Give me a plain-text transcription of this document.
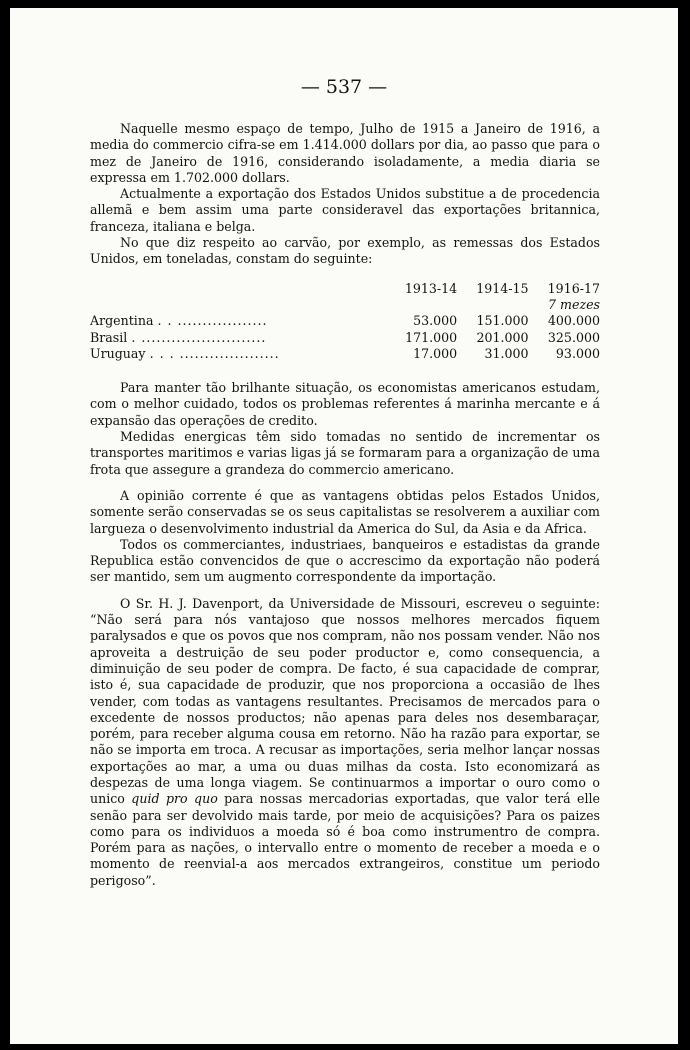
— 537 —

Naquelle mesmo espaço de tempo, Julho de 1915 a Janeiro de 1916, a media do commercio cifra-se em 1.414.000 dollars por dia, ao passo que para o mez de Janeiro de 1916, considerando isoladamente, a media diaria se expressa em 1.702.000 dollars.

Actualmente a exportação dos Estados Unidos substitue a de procedencia allemã e bem assim uma parte consideravel das exportações britannica, franceza, italiana e belga.

No que diz respeito ao carvão, por exemplo, as remessas dos Estados Unidos, em toneladas, constam do seguinte:

	1913-14	1914-15	1916-17
			7 mezes
Argentina . . ..................	53.000	151.000	400.000
Brasil . .........................	171.000	201.000	325.000
Uruguay . . . ....................	17.000	31.000	93.000

Para manter tão brilhante situação, os economistas americanos estudam, com o melhor cuidado, todos os problemas referentes á marinha mercante e á expansão das operações de credito.

Medidas energicas têm sido tomadas no sentido de incrementar os transportes maritimos e varias ligas já se formaram para a organização de uma frota que assegure a grandeza do commercio americano.

A opinião corrente é que as vantagens obtidas pelos Estados Unidos, somente serão conservadas se os seus capitalistas se resolverem a auxiliar com largueza o desenvolvimento industrial da America do Sul, da Asia e da Africa.

Todos os commerciantes, industriaes, banqueiros e estadistas da grande Republica estão convencidos de que o accrescimo da exportação não poderá ser mantido, sem um augmento correspondente da importação.

O Sr. H. J. Davenport, da Universidade de Missouri, escreveu o seguinte: “Não será para nós vantajoso que nossos melhores mercados fiquem paralysados e que os povos que nos compram, não nos possam vender. Não nos aproveita a destruição de seu poder productor e, como consequencia, a diminuição de seu poder de compra. De facto, é sua capacidade de comprar, isto é, sua capacidade de produzir, que nos proporciona a occasião de lhes vender, com todas as vantagens resultantes. Precisamos de mercados para o excedente de nossos productos; não apenas para deles nos desembaraçar, porém, para receber alguma cousa em retorno. Não ha razão para exportar, se não se importa em troca. A recusar as importações, seria melhor lançar nossas exportações ao mar, a uma ou duas milhas da costa. Isto economizará as despezas de uma longa viagem. Se continuarmos a importar o ouro como o unico quid pro quo para nossas mercadorias exportadas, que valor terá elle senão para ser devolvido mais tarde, por meio de acquisições? Para os paizes como para os individuos a moeda só é boa como instrumentro de compra. Porém para as nações, o intervallo entre o momento de receber a moeda e o momento de reenvial-a aos mercados extrangeiros, constitue um periodo perigoso”.
